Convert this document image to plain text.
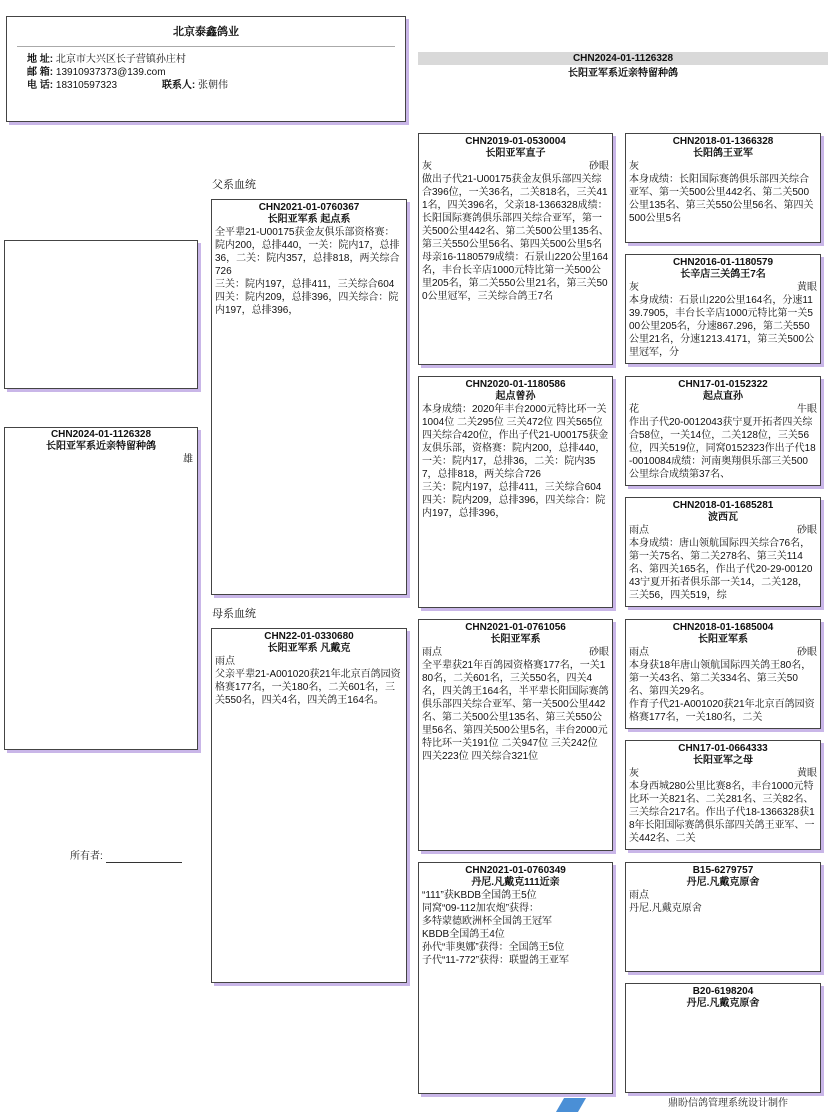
北京泰鑫鸽业
地 址: 北京市大兴区长子营镇孙庄村
邮 箱: 13910937373@139.com
电 话: 18310597323	联系人: 张朝伟
CHN2024-01-1126328
长阳亚军系近亲特留种鸽
父系血统
母系血统
CHN2024-01-1126328
长阳亚军系近亲特留种鸽
雄
所有者:
CHN2021-01-0760367
长阳亚军系 起点系
全平辈21-U00175获金友俱乐部资格赛：院内200，总排440，一关：院内17，总排36，二关：院内357，总排818，两关综合726
三关：院内197，总排411，三关综合604
四关：院内209，总排396，四关综合：院内197，总排396，
CHN22-01-0330680
长阳亚军系 凡戴克
雨点
父亲平辈21-A001020获21年北京百鸽园资格赛177名，一关180名，二关601名，三关550名，四关4名，四关鸽王164名。
CHN2019-01-0530004
长阳亚军直子
灰	砂眼
做出子代21-U00175获金友俱乐部四关综合396位，一关36名，二关818名，三关411名，四关396名，父亲18-1366328成绩：长阳国际赛鸽俱乐部四关综合亚军，第一关500公里442名、第二关500公里135名、第三关550公里56名、第四关500公里5名
母亲16-1180579成绩：石景山220公里164名，丰台长辛店1000元特比第一关500公里205名，第二关550公里21名，第三关500公里冠军，三关综合鸽王7名
CHN2020-01-1180586
起点曾孙
本身成绩：2020年丰台2000元特比环一关1004位 二关295位 三关472位 四关565位 四关综合420位，作出子代21-U00175获金友俱乐部，资格赛：院内200，总排440，一关：院内17，总排36，二关：院内357，总排818，两关综合726
三关：院内197，总排411，三关综合604
四关：院内209，总排396，四关综合：院内197，总排396，
CHN2021-01-0761056
长阳亚军系
雨点	砂眼
全平辈获21年百鸽园资格赛177名，一关180名，二关601名，三关550名，四关4名，四关鸽王164名，半平辈长阳国际赛鸽俱乐部四关综合亚军、第一关500公里442名、第二关500公里135名、第三关550公里56名、第四关500公里5名，丰台2000元特比环一关191位 二关947位 三关242位 四关223位 四关综合321位
CHN2021-01-0760349
丹尼.凡戴克111近亲
“111”获KBDB全国鸽王5位
同窝“09-112加农炮”获得：
多特蒙德欧洲杯全国鸽王冠军
KBDB全国鸽王4位
孙代“菲奥娜”获得：全国鸽王5位
子代“11-772”获得：联盟鸽王亚军
CHN2018-01-1366328
长阳鸽王亚军
灰
本身成绩：长阳国际赛鸽俱乐部四关综合亚军、第一关500公里442名、第二关500公里135名、第三关550公里56名、第四关500公里5名
CHN2016-01-1180579
长辛店三关鸽王7名
灰	黄眼
本身成绩：石景山220公里164名，分速1139.7905，丰台长辛店1000元特比第一关500公里205名，分速867.296，第二关550公里21名，分速1213.4171，第三关500公里冠军，分
CHN17-01-0152322
起点直孙
花	牛眼
作出子代20-0012043获宁夏开拓者四关综合58位，一关14位，二关128位，三关56位，四关519位，同窝0152323作出子代18-0010084成绩：河南奥翔俱乐部三关500公里综合成绩第37名、
CHN2018-01-1685281
波西瓦
雨点	砂眼
本身成绩：唐山领航国际四关综合76名，第一关75名、第二关278名、第三关114名、第四关165名，作出子代20-29-0012043宁夏开拓者俱乐部一关14，二关128，三关56，四关519，综
CHN2018-01-1685004
长阳亚军系
雨点	砂眼
本身获18年唐山领航国际四关鸽王80名，第一关43名、第二关334名、第三关50名、第四关29名。
作育子代21-A001020获21年北京百鸽园资格赛177名，一关180名，二关
CHN17-01-0664333
长阳亚军之母
灰	黄眼
本身西城280公里比赛8名，丰台1000元特比环一关821名、二关281名、三关82名、三关综合217名。作出子代18-1366328获18年长阳国际赛鸽俱乐部四关鸽王亚军、一关442名、二关
B15-6279757
丹尼.凡戴克原舍
雨点
丹尼.凡戴克原舍
B20-6198204
丹尼.凡戴克原舍
鼎盼信鸽管理系统设计制作
